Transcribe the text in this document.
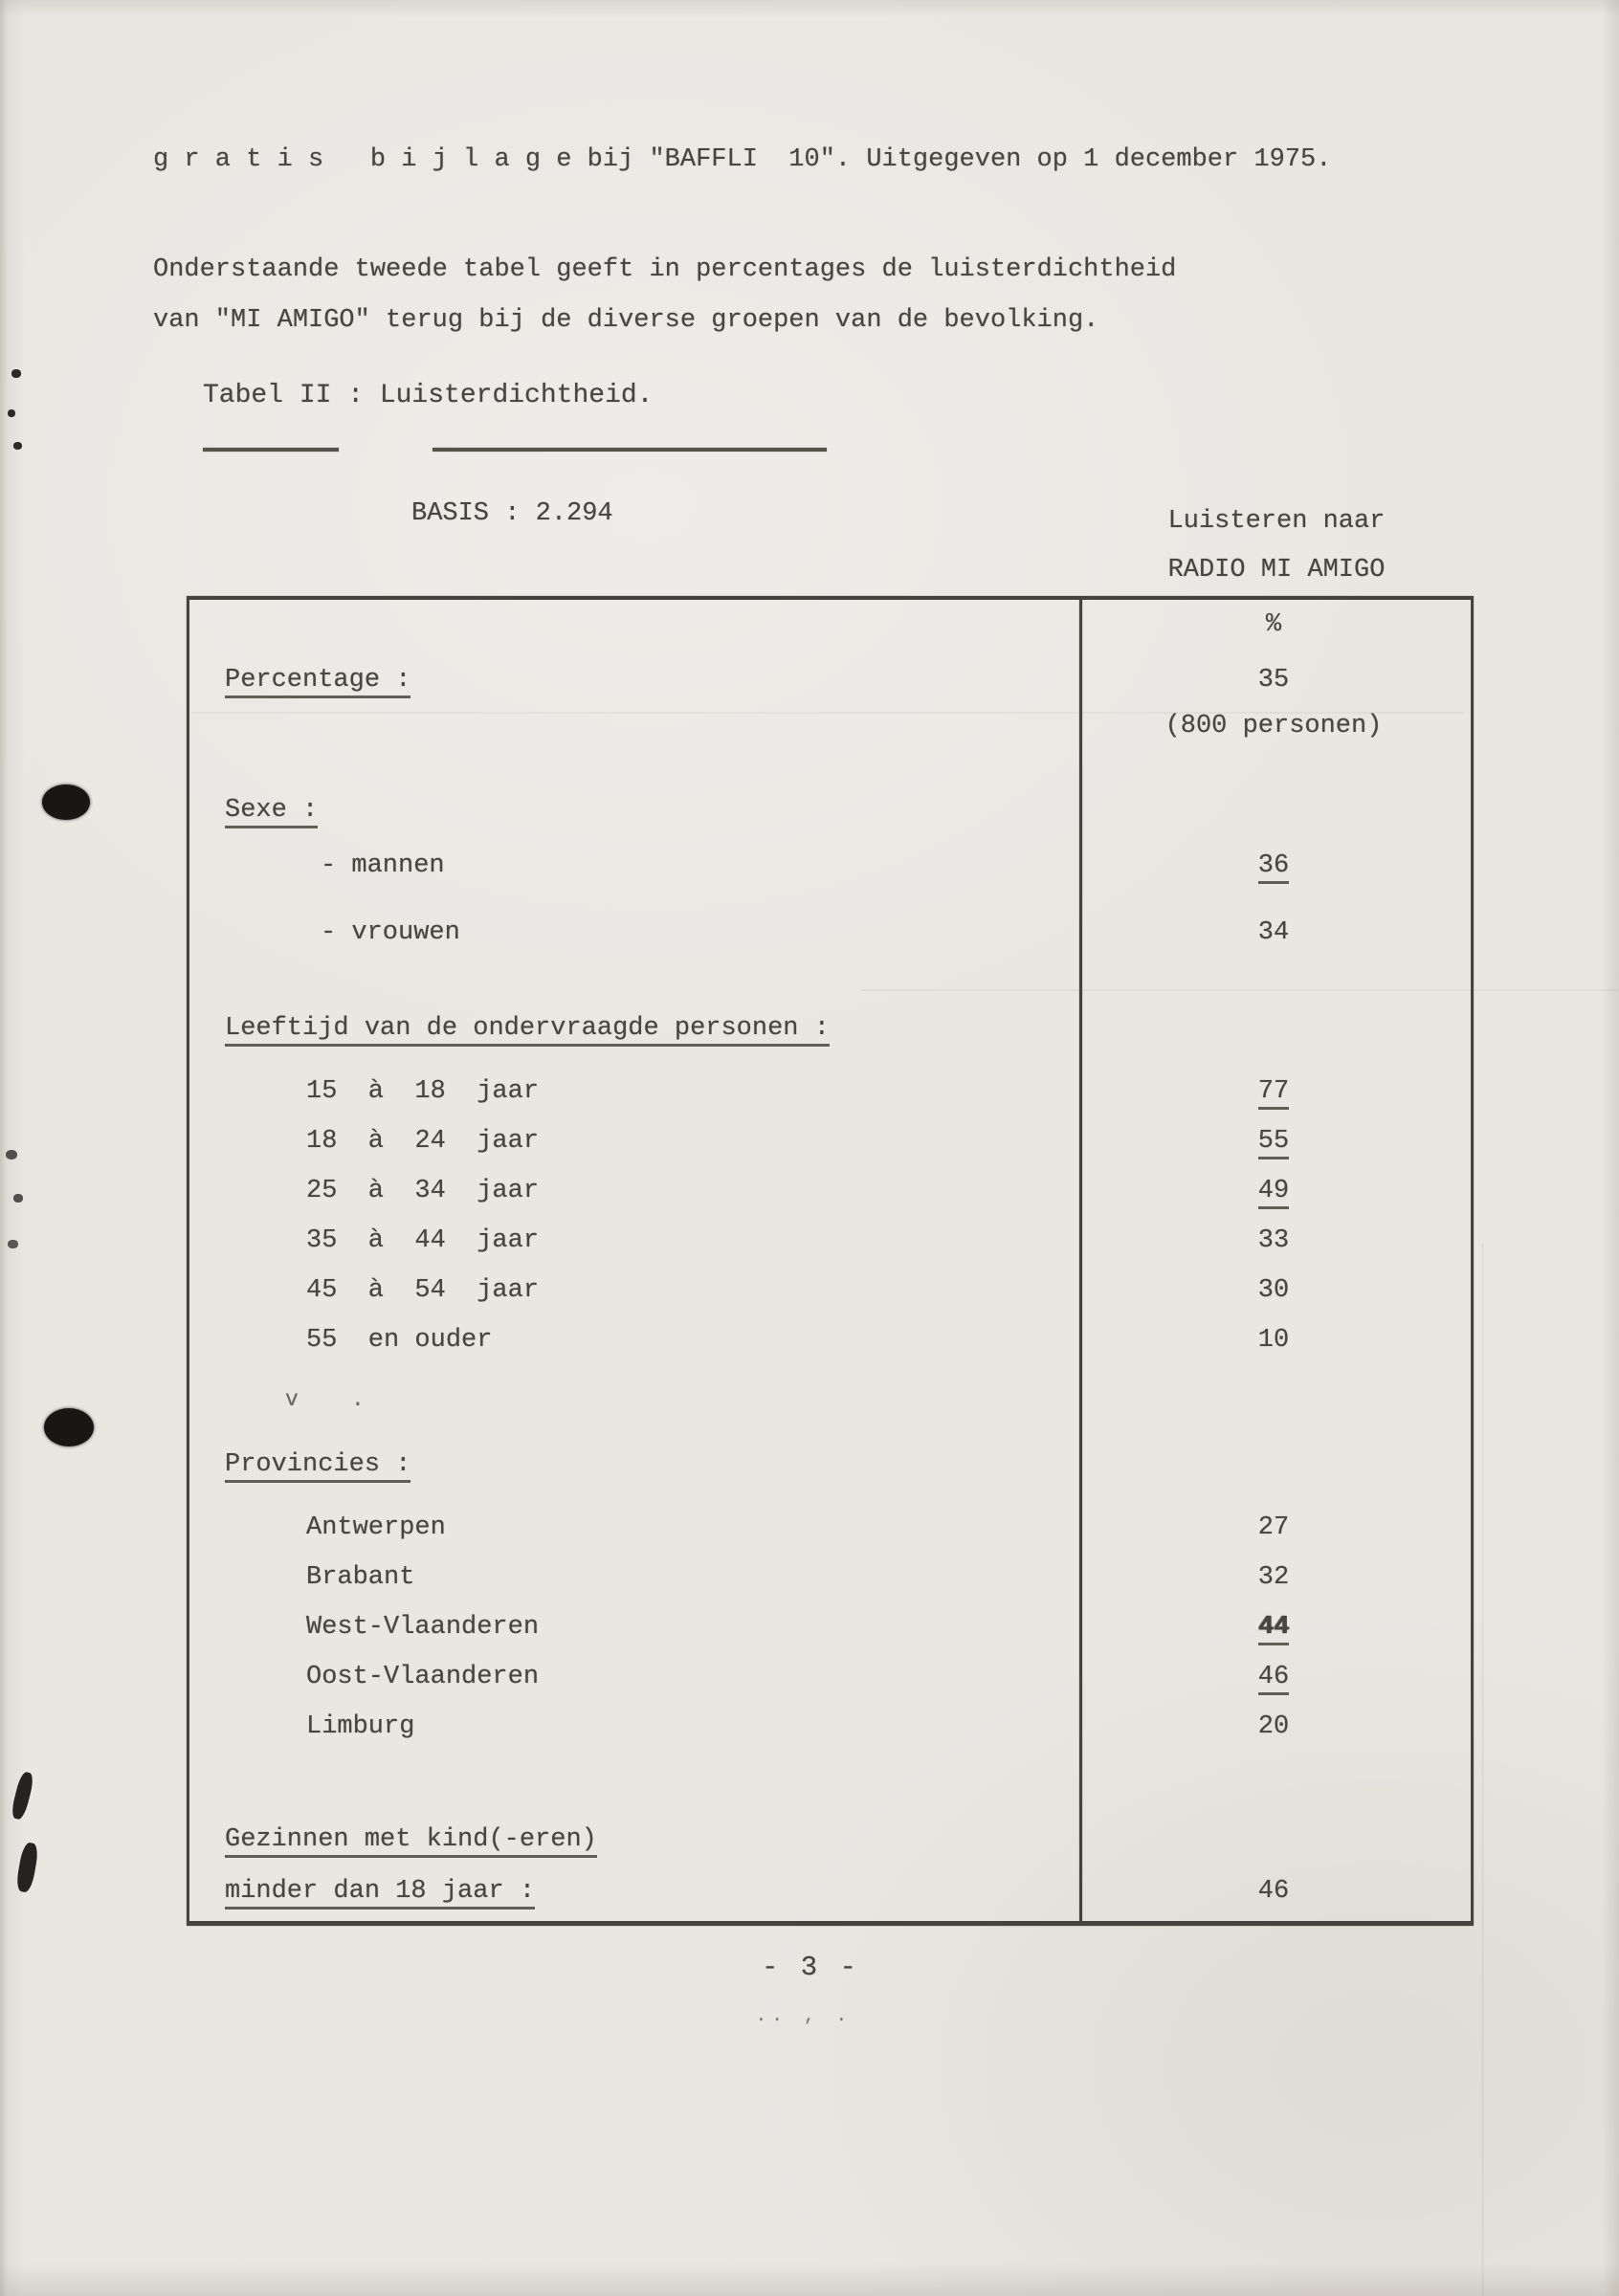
g r a t i s   b i j l a g e bij "BAFFLI  10". Uitgegeven op 1 december 1975.
Onderstaande tweede tabel geeft in percentages de luisterdichtheid
van "MI AMIGO" terug bij de diverse groepen van de bevolking.
Tabel II : Luisterdichtheid.
BASIS : 2.294	Luisteren naar
RADIO MI AMIGO
%
Percentage :	35
(800 personen)
Sexe :
- mannen	36
- vrouwen	34
Leeftijd van de ondervraagde personen :
15  à  18  jaar	77
18  à  24  jaar	55
25  à  34  jaar	49
35  à  44  jaar	33
45  à  54  jaar	30
55  en ouder	10
Provincies :
Antwerpen	27
Brabant	32
West-Vlaanderen	44
Oost-Vlaanderen	46
Limburg	20
Gezinnen met kind(-eren)
minder dan 18 jaar :	46
- 3 -
v    .
.. , .
